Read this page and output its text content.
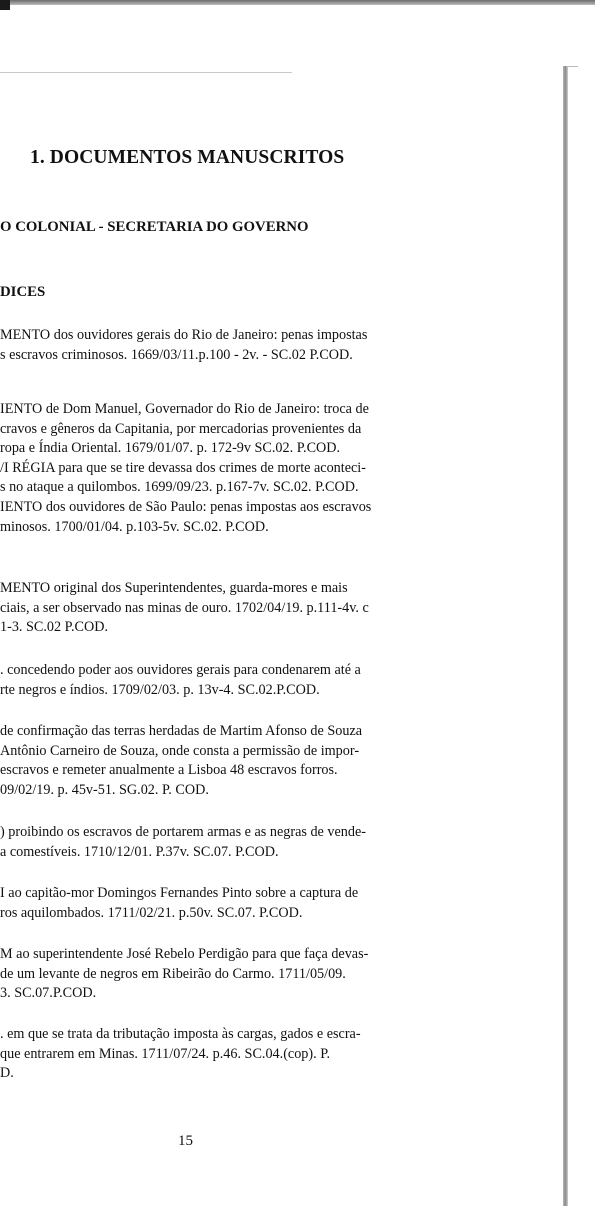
1. DOCUMENTOS MANUSCRITOS
O COLONIAL - SECRETARIA DO GOVERNO
DICES
MENTO dos ouvidores gerais do Rio de Janeiro: penas impostas
s escravos criminosos. 1669/03/11.p.100 - 2v. - SC.02 P.COD.
IENTO de Dom Manuel, Governador do Rio de Janeiro: troca de
cravos e gêneros da Capitania, por mercadorias provenientes da
ropa e Índia Oriental. 1679/01/07. p. 172-9v SC.02. P.COD.
/I RÉGIA para que se tire devassa dos crimes de morte aconteci-
s no ataque a quilombos. 1699/09/23. p.167-7v. SC.02. P.COD.
IENTO dos ouvidores de São Paulo: penas impostas aos escravos
minosos. 1700/01/04. p.103-5v. SC.02. P.COD.
MENTO original dos Superintendentes, guarda-mores e mais
ciais, a ser observado nas minas de ouro. 1702/04/19. p.111-4v. c
1-3. SC.02 P.COD.
. concedendo poder aos ouvidores gerais para condenarem até a
rte negros e índios. 1709/02/03. p. 13v-4. SC.02.P.COD.
de confirmação das terras herdadas de Martim Afonso de Souza
Antônio Carneiro de Souza, onde consta a permissão de impor-
escravos e remeter anualmente a Lisboa 48 escravos forros.
09/02/19. p. 45v-51. SG.02. P. COD.
) proibindo os escravos de portarem armas e as negras de vende-
a comestíveis. 1710/12/01. P.37v. SC.07. P.COD.
I ao capitão-mor Domingos Fernandes Pinto sobre a captura de
ros aquilombados. 1711/02/21. p.50v. SC.07. P.COD.
M ao superintendente José Rebelo Perdigão para que faça devas-
de um levante de negros em Ribeirão do Carmo. 1711/05/09.
3. SC.07.P.COD.
. em que se trata da tributação imposta às cargas, gados e escra-
que entrarem em Minas. 1711/07/24. p.46. SC.04.(cop). P.
D.
15
